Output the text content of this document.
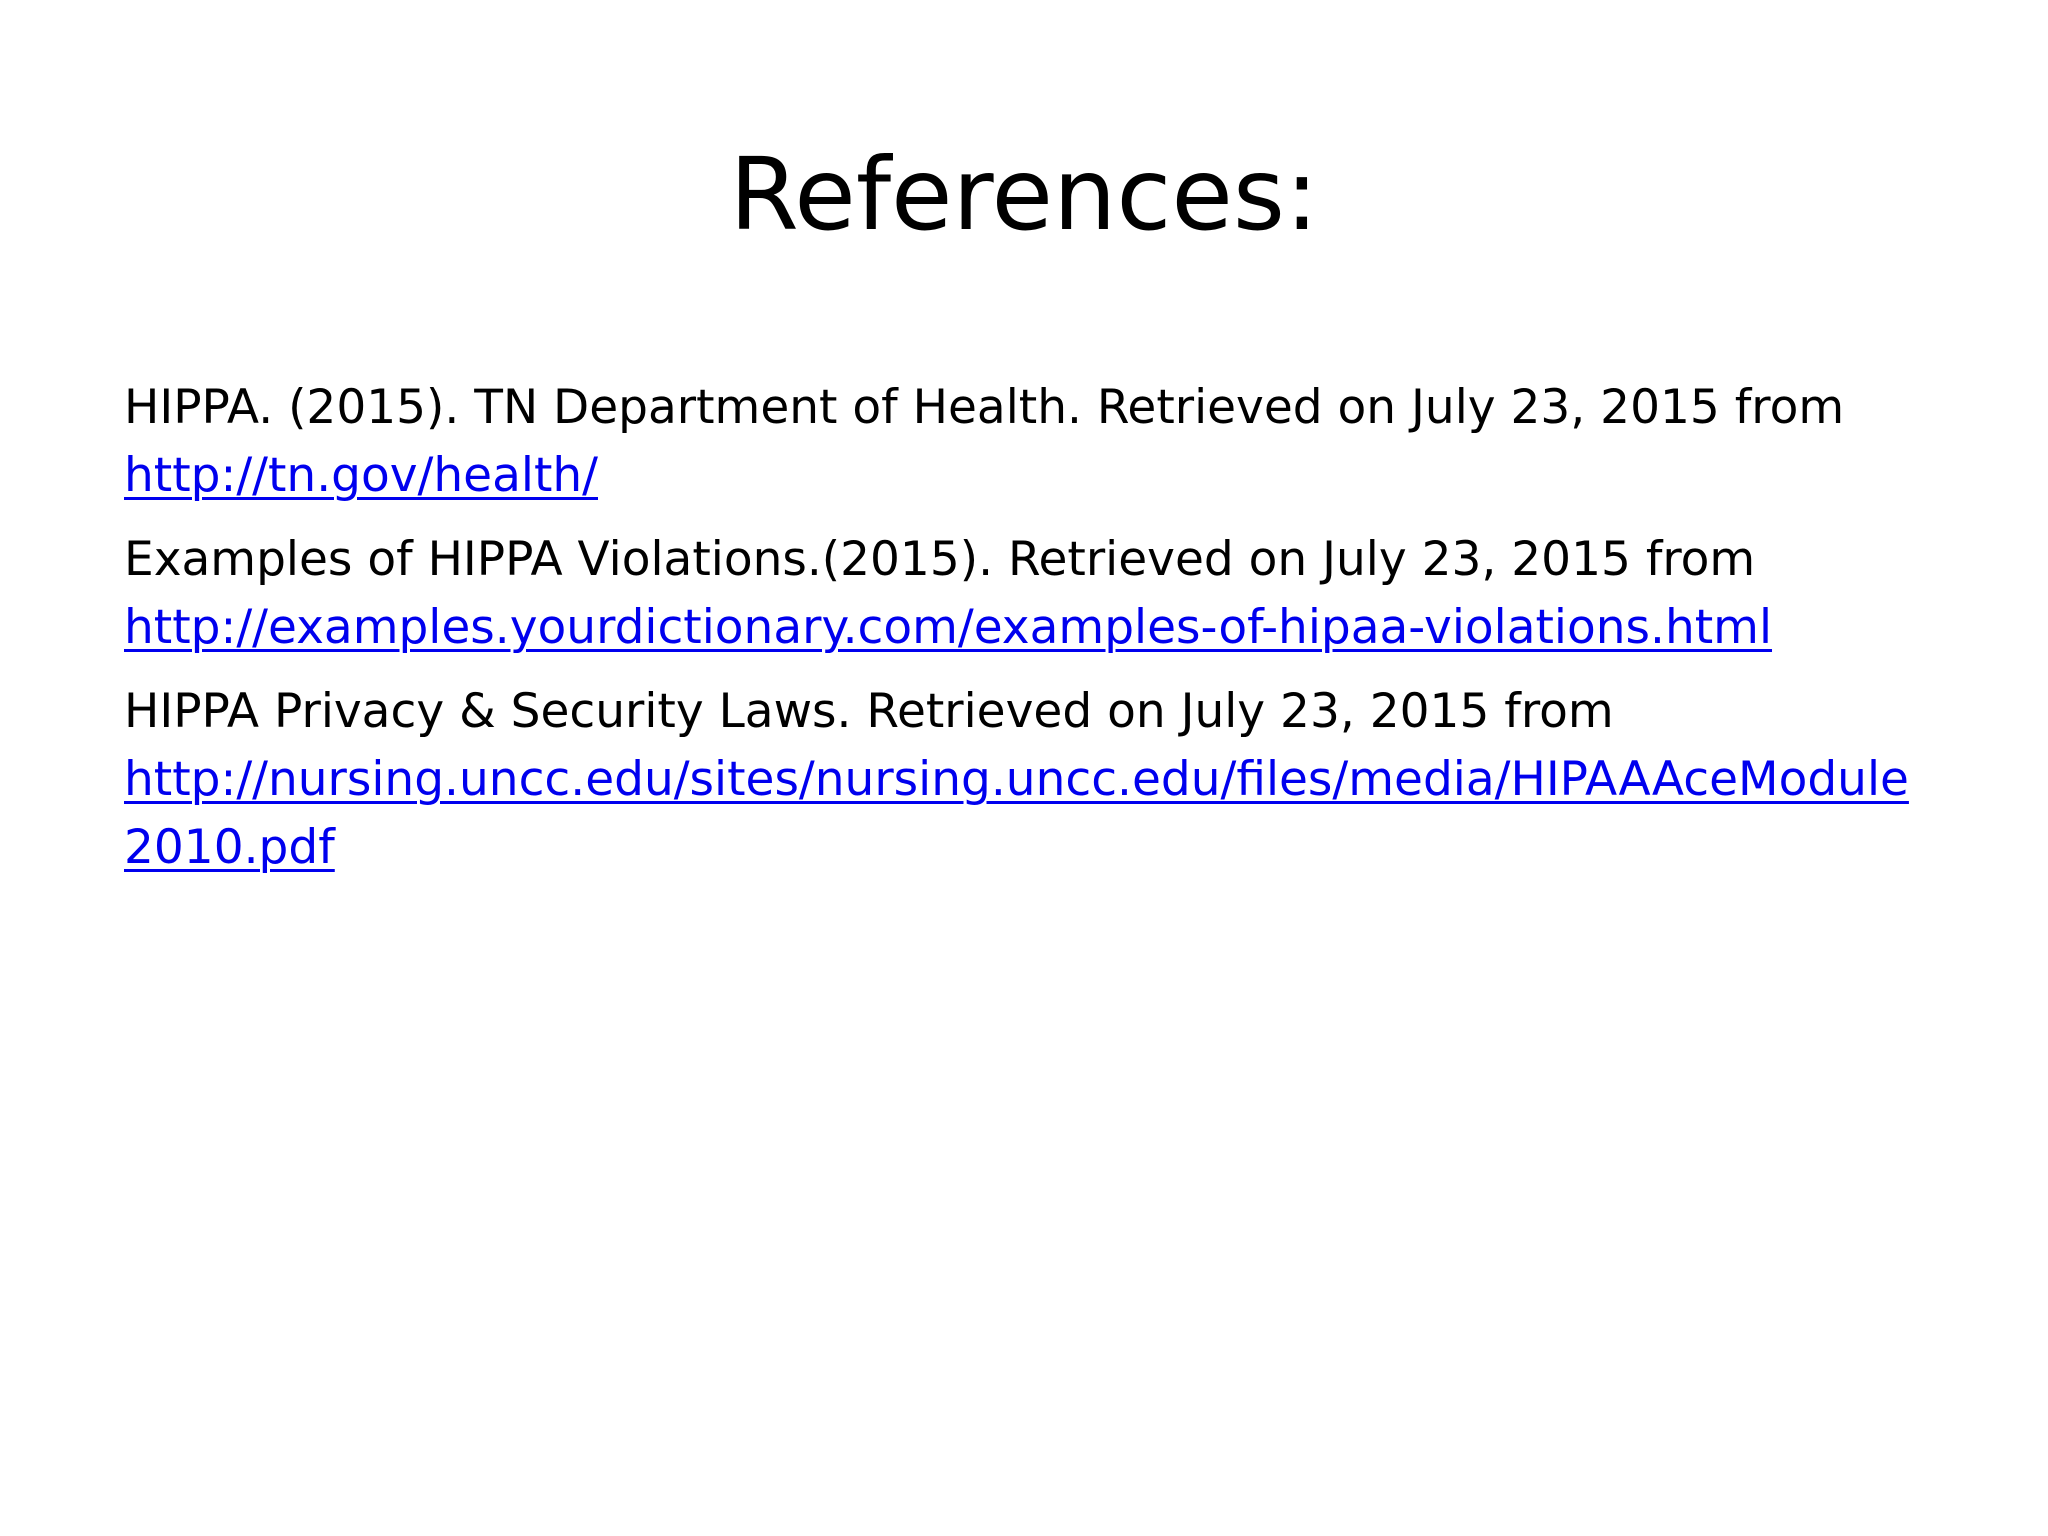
References:
HIPPA. (2015). TN Department of Health. Retrieved on July 23, 2015 from
http://tn.gov/health/
Examples of HIPPA Violations.(2015). Retrieved on July 23, 2015 from
http://examples.yourdictionary.com/examples-of-hipaa-violations.html
HIPPA Privacy & Security Laws. Retrieved on July 23, 2015 from
http://nursing.uncc.edu/sites/nursing.uncc.edu/files/media/HIPAAAceModule2010.pdf
